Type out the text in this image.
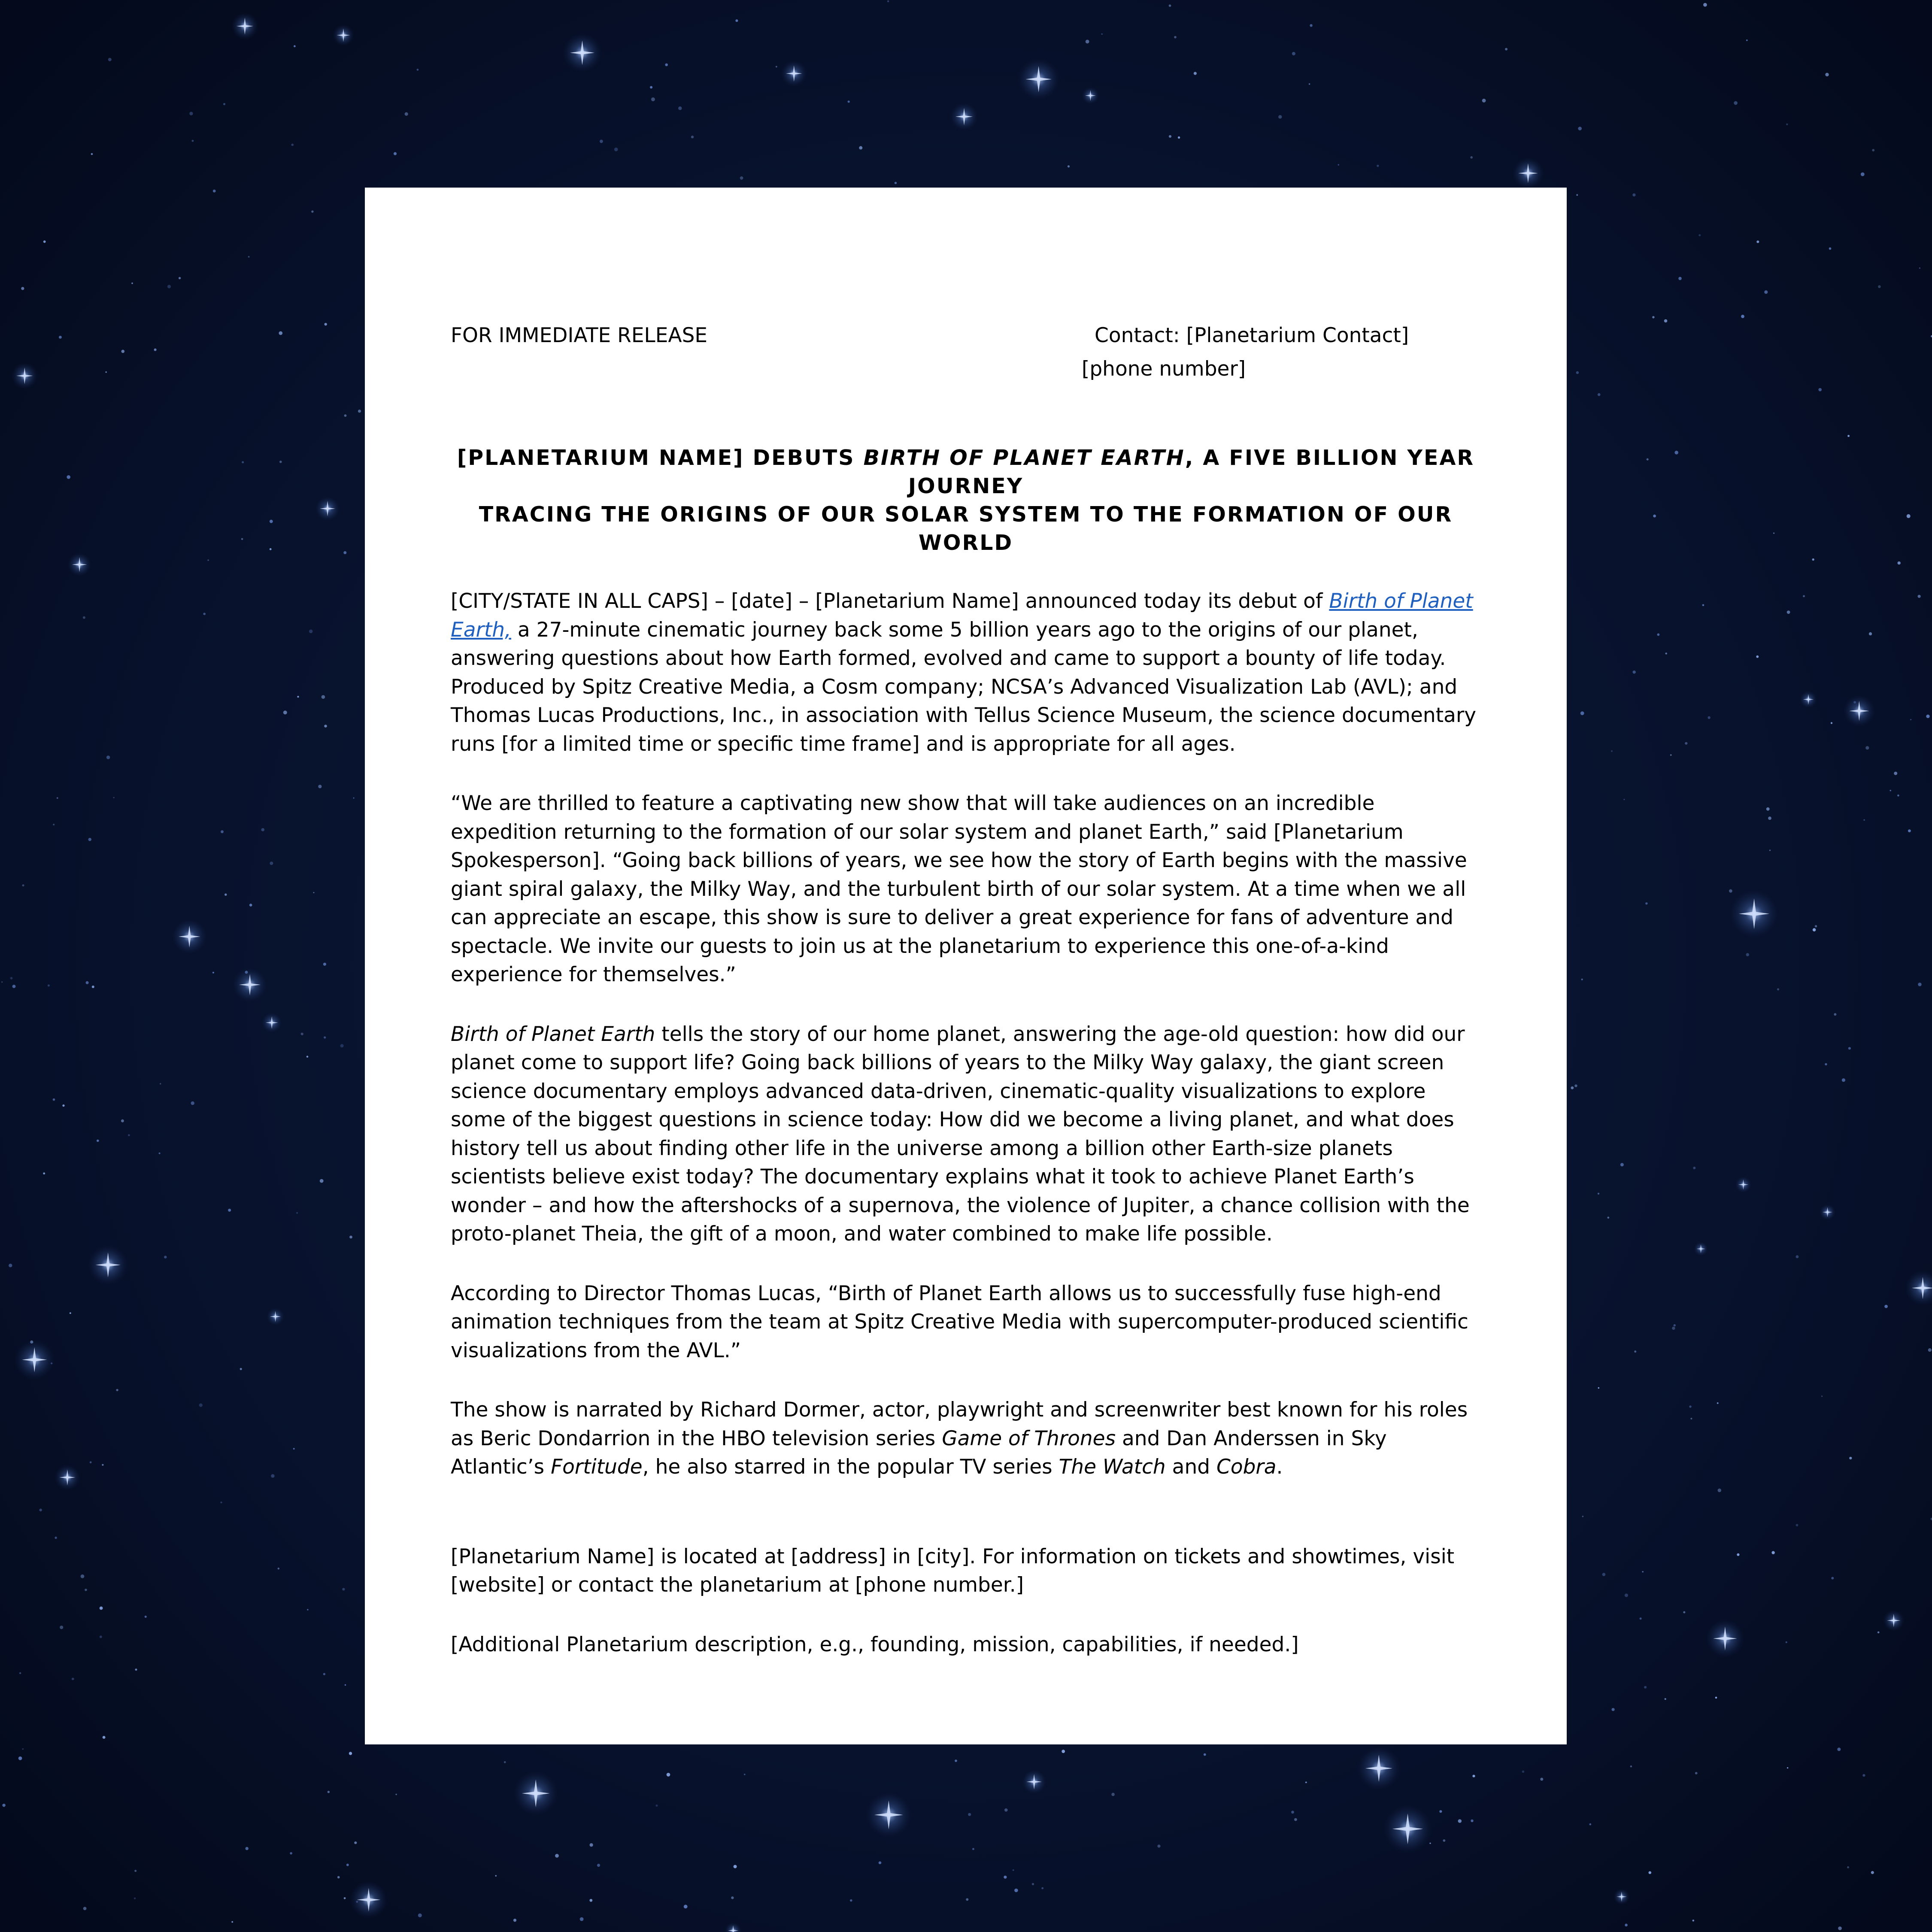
FOR IMMEDIATE RELEASE	Contact: [Planetarium Contact]
[phone number]
[PLANETARIUM NAME] DEBUTS BIRTH OF PLANET EARTH, A FIVE BILLION YEAR JOURNEY
TRACING THE ORIGINS OF OUR SOLAR SYSTEM TO THE FORMATION OF OUR WORLD

[CITY/STATE IN ALL CAPS] – [date] – [Planetarium Name] announced today its debut of Birth of Planet Earth, a 27-minute cinematic journey back some 5 billion years ago to the origins of our planet, answering questions about how Earth formed, evolved and came to support a bounty of life today. Produced by Spitz Creative Media, a Cosm company; NCSA’s Advanced Visualization Lab (AVL); and Thomas Lucas Productions, Inc., in association with Tellus Science Museum, the science documentary runs [for a limited time or specific time frame] and is appropriate for all ages.

“We are thrilled to feature a captivating new show that will take audiences on an incredible expedition returning to the formation of our solar system and planet Earth,” said [Planetarium Spokesperson]. “Going back billions of years, we see how the story of Earth begins with the massive giant spiral galaxy, the Milky Way, and the turbulent birth of our solar system. At a time when we all can appreciate an escape, this show is sure to deliver a great experience for fans of adventure and spectacle. We invite our guests to join us at the planetarium to experience this one-of-a-kind experience for themselves.”

Birth of Planet Earth tells the story of our home planet, answering the age-old question: how did our planet come to support life? Going back billions of years to the Milky Way galaxy, the giant screen science documentary employs advanced data-driven, cinematic-quality visualizations to explore some of the biggest questions in science today: How did we become a living planet, and what does history tell us about finding other life in the universe among a billion other Earth-size planets scientists believe exist today? The documentary explains what it took to achieve Planet Earth’s wonder – and how the aftershocks of a supernova, the violence of Jupiter, a chance collision with the proto-planet Theia, the gift of a moon, and water combined to make life possible.

According to Director Thomas Lucas, “Birth of Planet Earth allows us to successfully fuse high-end animation techniques from the team at Spitz Creative Media with supercomputer-produced scientific visualizations from the AVL.”

The show is narrated by Richard Dormer, actor, playwright and screenwriter best known for his roles as Beric Dondarrion in the HBO television series Game of Thrones and Dan Anderssen in Sky Atlantic’s Fortitude, he also starred in the popular TV series The Watch and Cobra.

[Planetarium Name] is located at [address] in [city]. For information on tickets and showtimes, visit [website] or contact the planetarium at [phone number.]

[Additional Planetarium description, e.g., founding, mission, capabilities, if needed.]
